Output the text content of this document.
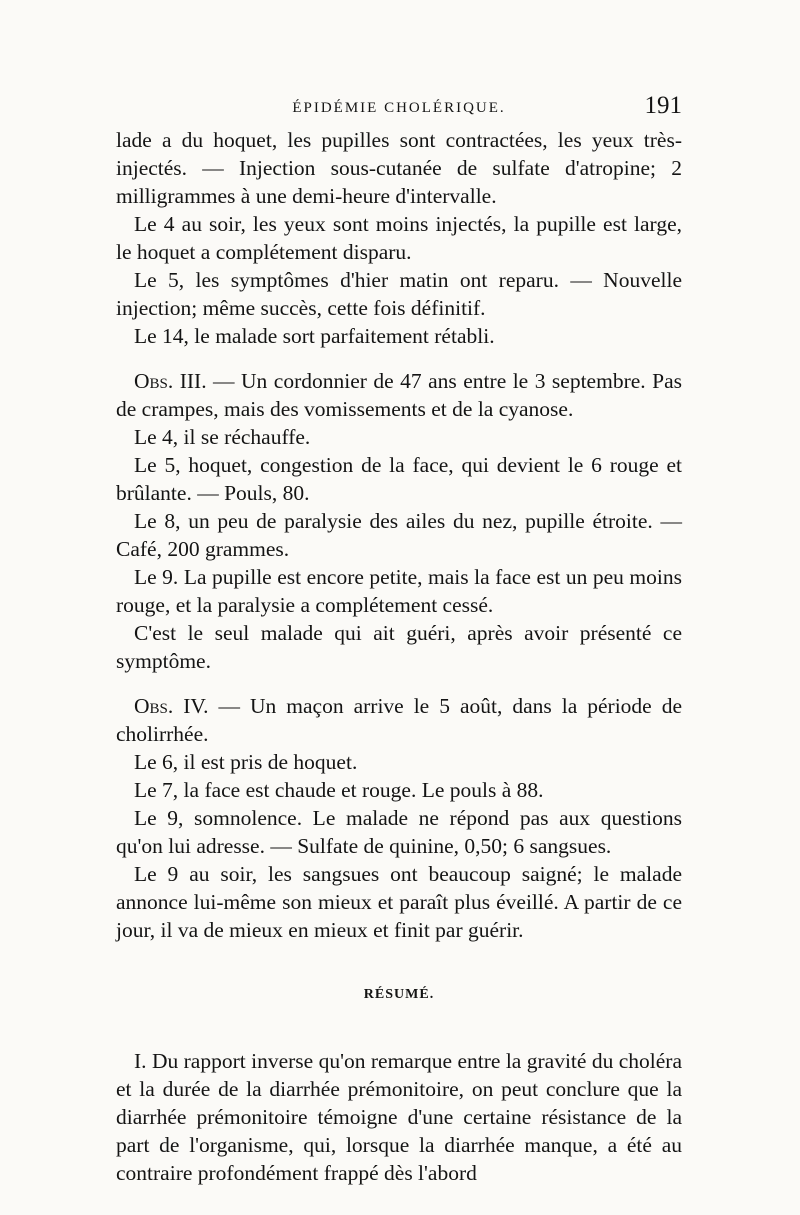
ÉPIDÉMIE CHOLÉRIQUE.	191

lade a du hoquet, les pupilles sont contractées, les yeux très-injectés. — Injection sous-cutanée de sulfate d'atropine; 2 milligrammes à une demi-heure d'intervalle.

Le 4 au soir, les yeux sont moins injectés, la pupille est large, le hoquet a complétement disparu.

Le 5, les symptômes d'hier matin ont reparu. — Nouvelle injection; même succès, cette fois définitif.

Le 14, le malade sort parfaitement rétabli.

Obs. III. — Un cordonnier de 47 ans entre le 3 septembre. Pas de crampes, mais des vomissements et de la cyanose.

Le 4, il se réchauffe.

Le 5, hoquet, congestion de la face, qui devient le 6 rouge et brûlante. — Pouls, 80.

Le 8, un peu de paralysie des ailes du nez, pupille étroite. — Café, 200 grammes.

Le 9. La pupille est encore petite, mais la face est un peu moins rouge, et la paralysie a complétement cessé.

C'est le seul malade qui ait guéri, après avoir présenté ce symptôme.

Obs. IV. — Un maçon arrive le 5 août, dans la période de cholirrhée.

Le 6, il est pris de hoquet.

Le 7, la face est chaude et rouge. Le pouls à 88.

Le 9, somnolence. Le malade ne répond pas aux questions qu'on lui adresse. — Sulfate de quinine, 0,50; 6 sangsues.

Le 9 au soir, les sangsues ont beaucoup saigné; le malade annonce lui-même son mieux et paraît plus éveillé. A partir de ce jour, il va de mieux en mieux et finit par guérir.

RÉSUMÉ.

I. Du rapport inverse qu'on remarque entre la gravité du choléra et la durée de la diarrhée prémonitoire, on peut conclure que la diarrhée prémonitoire témoigne d'une certaine résistance de la part de l'organisme, qui, lorsque la diarrhée manque, a été au contraire profondément frappé dès l'abord
